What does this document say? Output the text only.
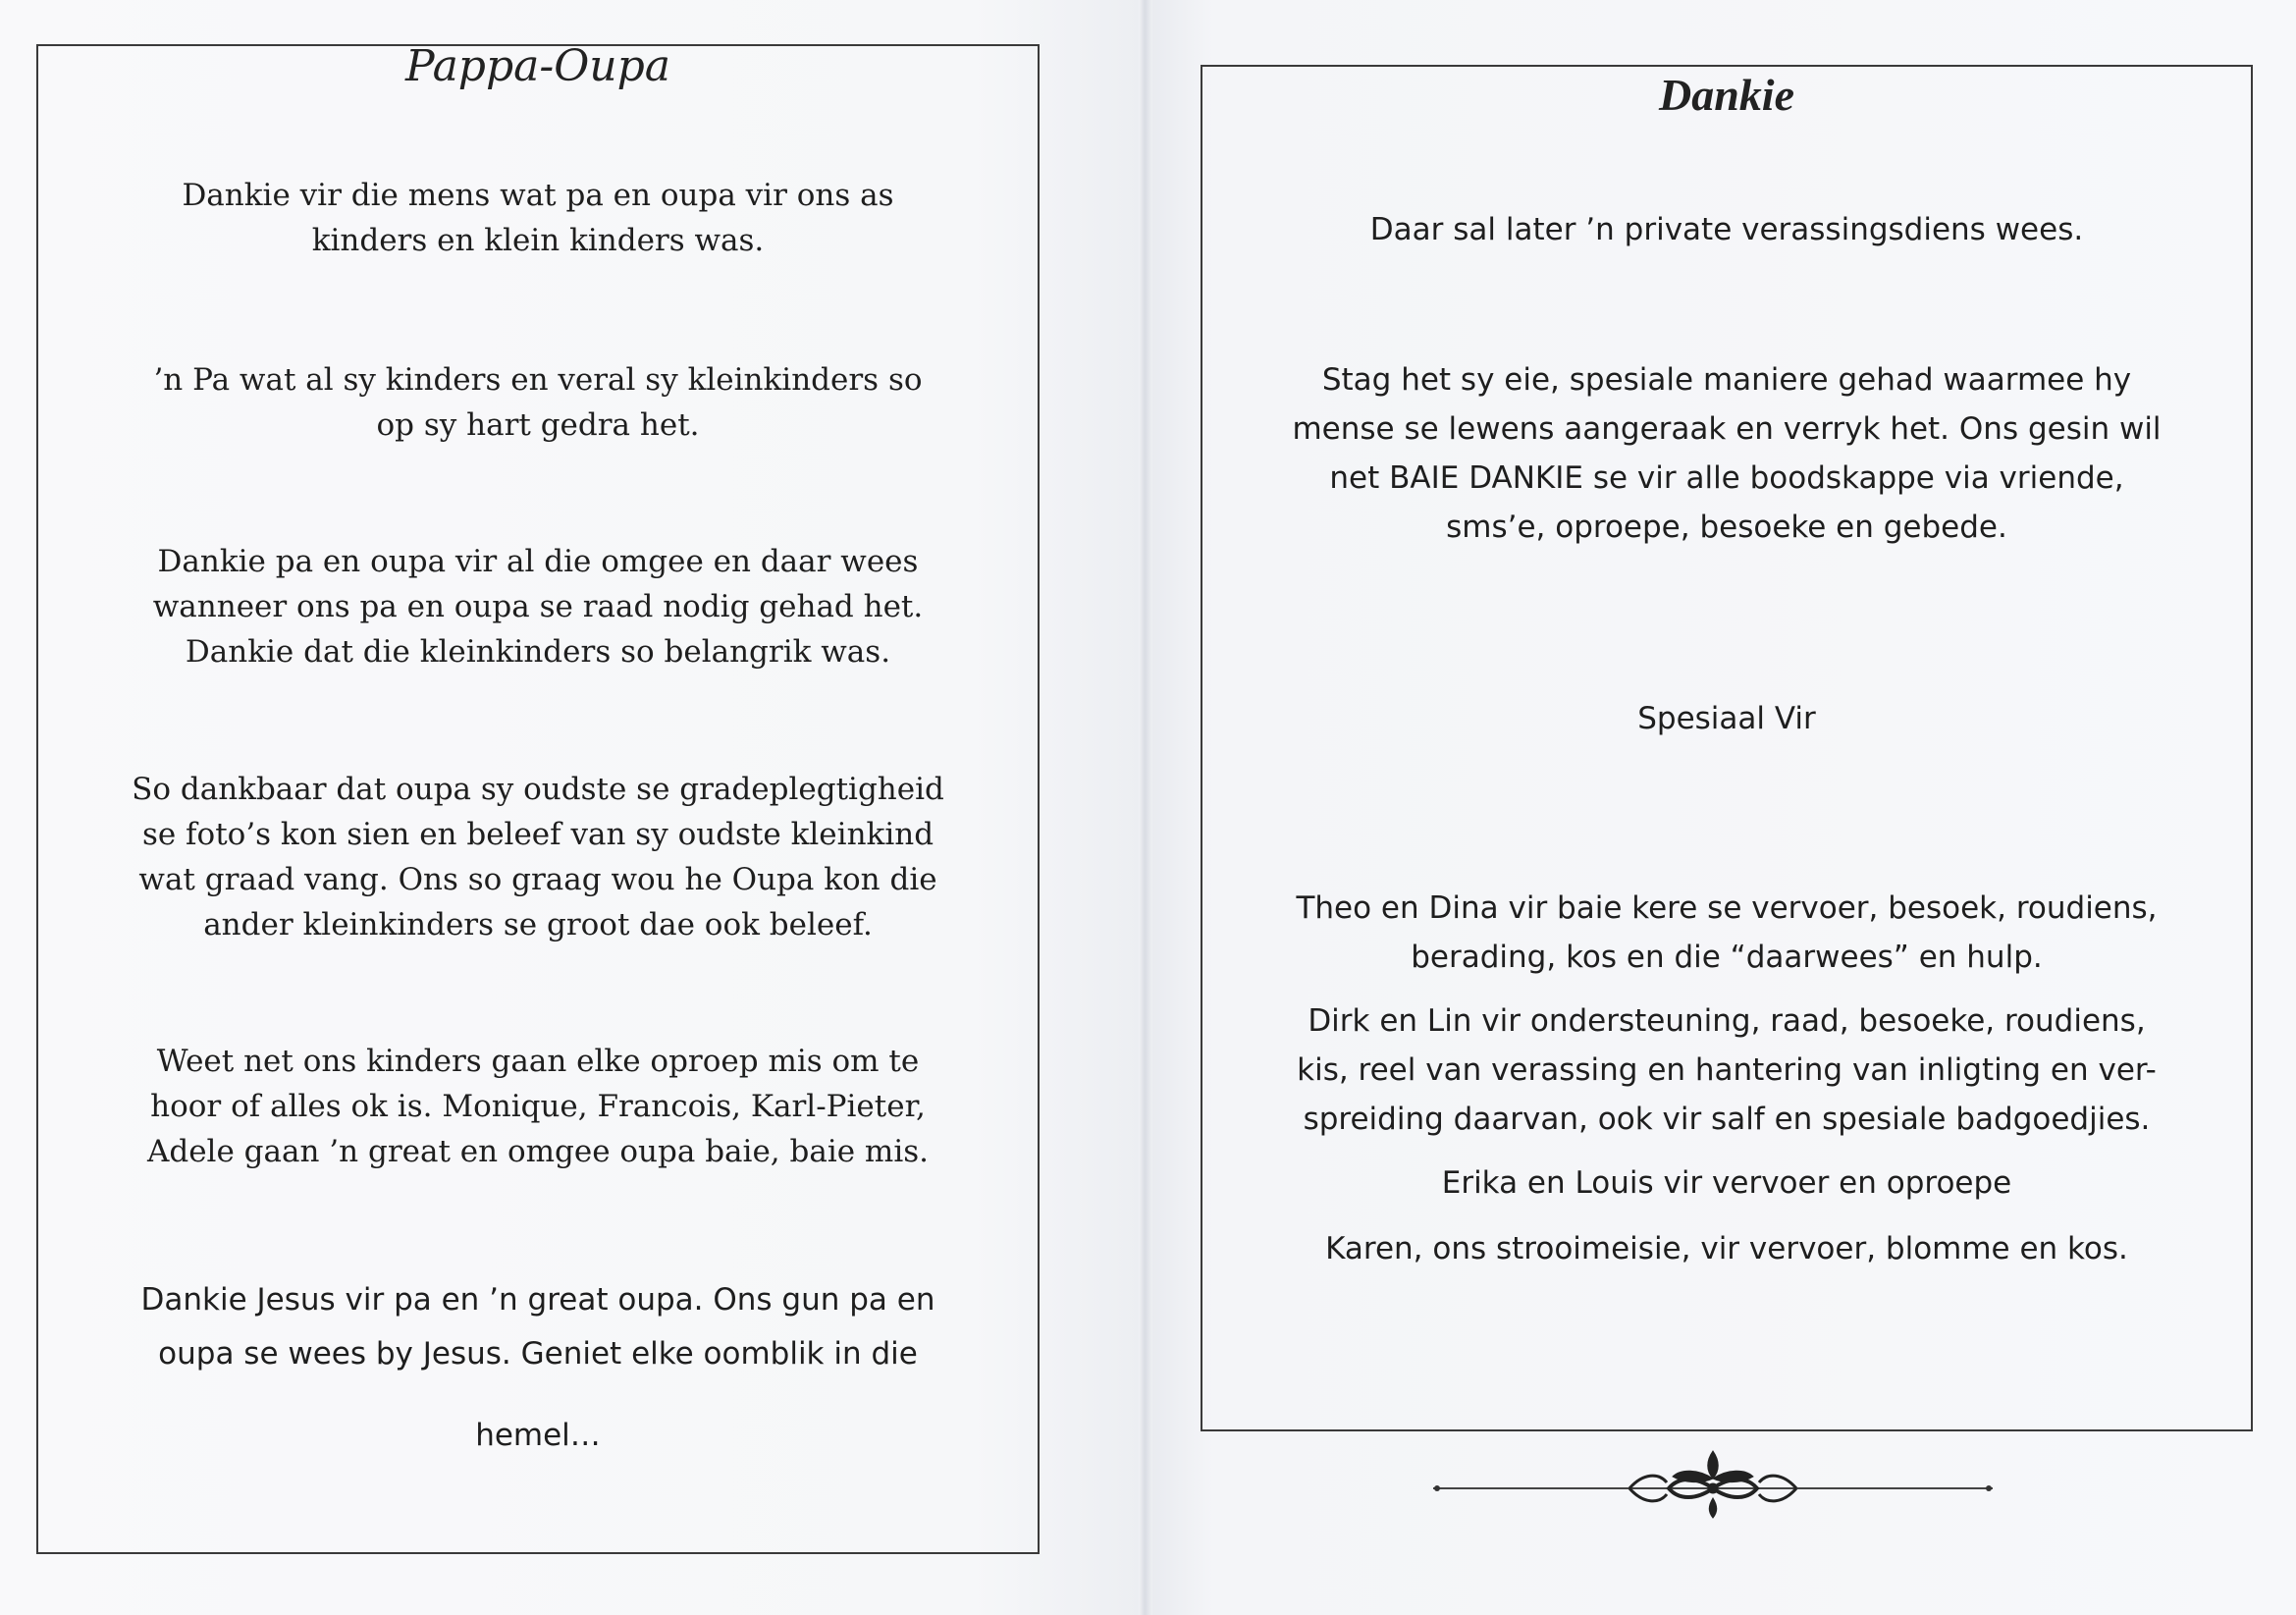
Pappa-Oupa

Dankie vir die mens wat pa en oupa vir ons as
kinders en klein kinders was.

’n Pa wat al sy kinders en veral sy kleinkinders so
op sy hart gedra het.

Dankie pa en oupa vir al die omgee en daar wees
wanneer ons pa en oupa se raad nodig gehad het.
Dankie dat die kleinkinders so belangrik was.

So dankbaar dat oupa sy oudste se gradeplegtigheid
se foto’s kon sien en beleef van sy oudste kleinkind
wat graad vang. Ons so graag wou he Oupa kon die
ander kleinkinders se groot dae ook beleef.

Weet net ons kinders gaan elke oproep mis om te
hoor of alles ok is. Monique, Francois, Karl-Pieter,
Adele gaan ’n great en omgee oupa baie, baie mis.

Dankie Jesus vir pa en ’n great oupa. Ons gun pa en
oupa se wees by Jesus. Geniet elke oomblik in die

hemel…

Dankie

Daar sal later ’n private verassingsdiens wees.

Stag het sy eie, spesiale maniere gehad waarmee hy
mense se lewens aangeraak en verryk het. Ons gesin wil
net BAIE DANKIE se vir alle boodskappe via vriende,
sms’e, oproepe, besoeke en gebede.

Spesiaal Vir

Theo en Dina vir baie kere se vervoer, besoek, roudiens,
berading, kos en die “daarwees” en hulp.

Dirk en Lin vir ondersteuning, raad, besoeke, roudiens,
kis, reel van verassing en hantering van inligting en ver-
spreiding daarvan, ook vir salf en spesiale badgoedjies.

Erika en Louis vir vervoer en oproepe

Karen, ons strooimeisie, vir vervoer, blomme en kos.
